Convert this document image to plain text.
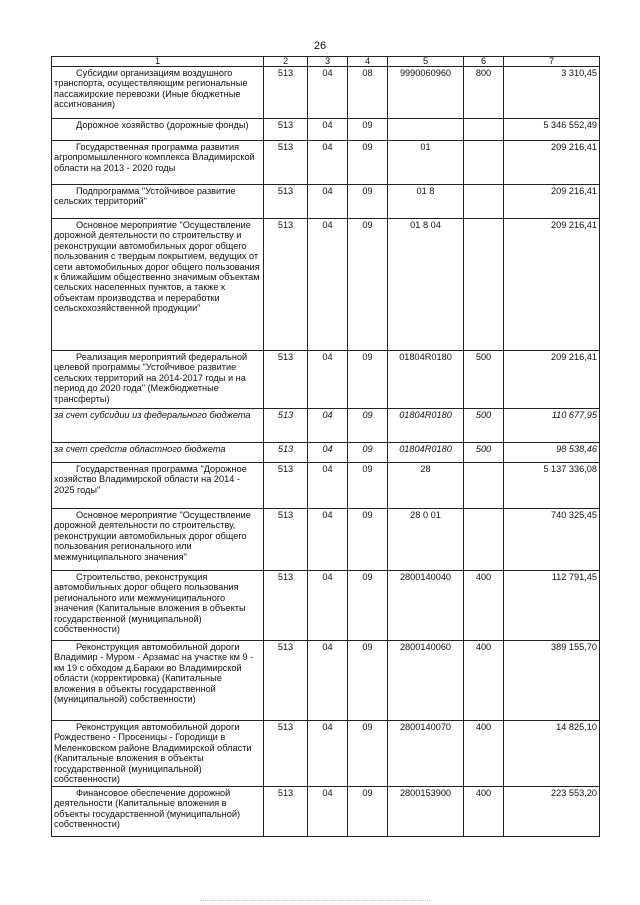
26
1	2	3	4	5	6	7

Субсидии организациям воздушного транспорта, осуществляющим региональные пассажирские перевозки (Иные бюджетные ассигнования)	513	04	08	9990060960	800	3 310,45

Дорожное хозяйство (дорожные фонды)	513	04	09			5 346 552,49

Государственная программа развития агропромышленного комплекса Владимирской области на 2013 - 2020 годы	513	04	09	01		209 216,41

Подпрограмма "Устойчивое развитие сельских территорий"	513	04	09	01 8		209 216,41

Основное мероприятие "Осуществление дорожной деятельности по строительству и реконструкции автомобильных дорог общего пользования с твердым покрытием, ведущих от сети автомобильных дорог общего пользования к ближайшим общественно значимым объектам сельских населенных пунктов, а также к объектам производства и переработки сельскохозяйственной продукции"	513	04	09	01 8 04		209 216,41

Реализация мероприятий федеральной целевой программы "Устойчивое развитие сельских территорий на 2014-2017 годы и на период до 2020 года" (Межбюджетные трансферты)	513	04	09	01804R0180	500	209 216,41

за счет субсидии из федерального бюджета	513	04	09	01804R0180	500	110 677,95

за счет средств областного бюджета	513	04	09	01804R0180	500	98 538,46

Государственная программа "Дорожное хозяйство Владимирской области на 2014 - 2025 годы"	513	04	09	28		5 137 336,08

Основное мероприятие "Осуществление дорожной деятельности по строительству, реконструкции автомобильных дорог общего пользования регионального или межмуниципального значения"	513	04	09	28 0 01		740 325,45

Строительство, реконструкция автомобильных дорог общего пользования регионального или межмуниципального значения (Капитальные вложения в объекты государственной (муниципальной) собственности)	513	04	09	2800140040	400	112 791,45

Реконструкция автомобильной дороги Владимир - Муром - Арзамас на участке км 9 - км 19 с обходом д.Бараки во Владимирской области (корректировка) (Капитальные вложения в объекты государственной (муниципальной) собственности)	513	04	09	2800140060	400	389 155,70

Реконструкция автомобильной дороги Рождествено - Просеницы - Городищи в Меленковском районе Владимирской области (Капитальные вложения в объекты государственной (муниципальной) собственности)	513	04	09	2800140070	400	14 825,10

Финансовое обеспечение дорожной деятельности (Капитальные вложения в объекты государственной (муниципальной) собственности)	513	04	09	2800153900	400	223 553,20
